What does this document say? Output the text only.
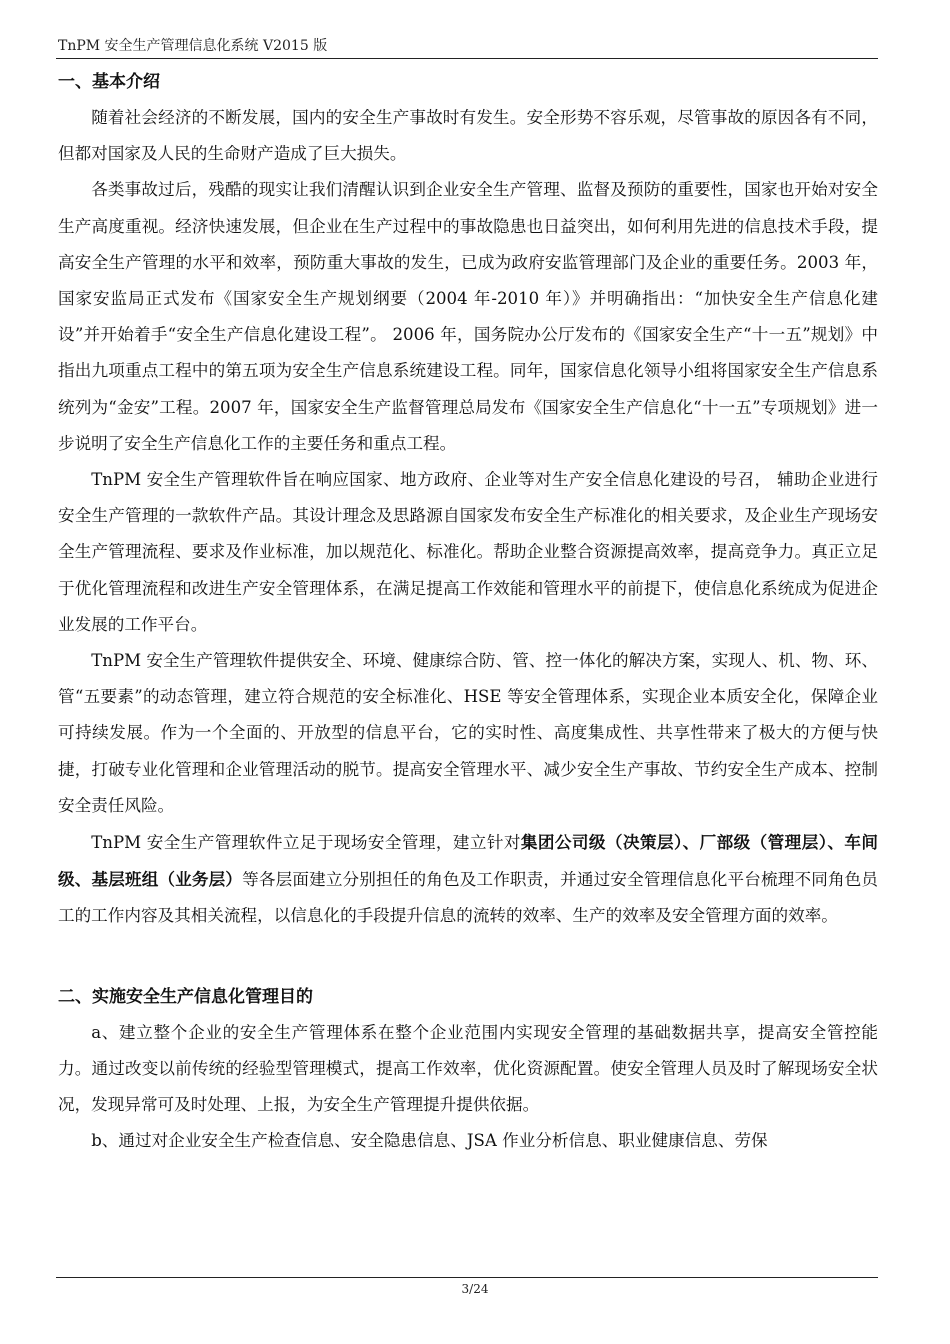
TnPM 安全生产管理信息化系统 V2015 版
一、基本介绍

随着社会经济的不断发展，国内的安全生产事故时有发生。安全形势不容乐观，尽管事故的原因各有不同，但都对国家及人民的生命财产造成了巨大损失。

各类事故过后，残酷的现实让我们清醒认识到企业安全生产管理、监督及预防的重要性，国家也开始对安全生产高度重视。经济快速发展，但企业在生产过程中的事故隐患也日益突出，如何利用先进的信息技术手段，提高安全生产管理的水平和效率，预防重大事故的发生，已成为政府安监管理部门及企业的重要任务。2003 年，国家安监局正式发布《国家安全生产规划纲要（2004 年-2010 年）》并明确指出：“加快安全生产信息化建设”并开始着手“安全生产信息化建设工程”。 2006 年，国务院办公厅发布的《国家安全生产“十一五”规划》中指出九项重点工程中的第五项为安全生产信息系统建设工程。同年，国家信息化领导小组将国家安全生产信息系统列为“金安”工程。2007 年，国家安全生产监督管理总局发布《国家安全生产信息化“十一五”专项规划》进一步说明了安全生产信息化工作的主要任务和重点工程。

TnPM 安全生产管理软件旨在响应国家、地方政府、企业等对生产安全信息化建设的号召， 辅助企业进行安全生产管理的一款软件产品。其设计理念及思路源自国家发布安全生产标准化的相关要求，及企业生产现场安全生产管理流程、要求及作业标准，加以规范化、标准化。帮助企业整合资源提高效率，提高竞争力。真正立足于优化管理流程和改进生产安全管理体系，在满足提高工作效能和管理水平的前提下，使信息化系统成为促进企业发展的工作平台。

TnPM 安全生产管理软件提供安全、环境、健康综合防、管、控一体化的解决方案，实现人、机、物、环、管“五要素”的动态管理，建立符合规范的安全标准化、HSE 等安全管理体系，实现企业本质安全化，保障企业可持续发展。作为一个全面的、开放型的信息平台，它的实时性、高度集成性、共享性带来了极大的方便与快捷，打破专业化管理和企业管理活动的脱节。提高安全管理水平、减少安全生产事故、节约安全生产成本、控制安全责任风险。

TnPM 安全生产管理软件立足于现场安全管理，建立针对集团公司级（决策层）、厂部级（管理层）、车间级、基层班组（业务层）等各层面建立分别担任的角色及工作职责，并通过安全管理信息化平台梳理不同角色员工的工作内容及其相关流程，以信息化的手段提升信息的流转的效率、生产的效率及安全管理方面的效率。

二、实施安全生产信息化管理目的

a、建立整个企业的安全生产管理体系在整个企业范围内实现安全管理的基础数据共享，提高安全管控能力。通过改变以前传统的经验型管理模式，提高工作效率，优化资源配置。使安全管理人员及时了解现场安全状况，发现异常可及时处理、上报，为安全生产管理提升提供依据。

b、通过对企业安全生产检查信息、安全隐患信息、JSA 作业分析信息、职业健康信息、劳保

3/24
